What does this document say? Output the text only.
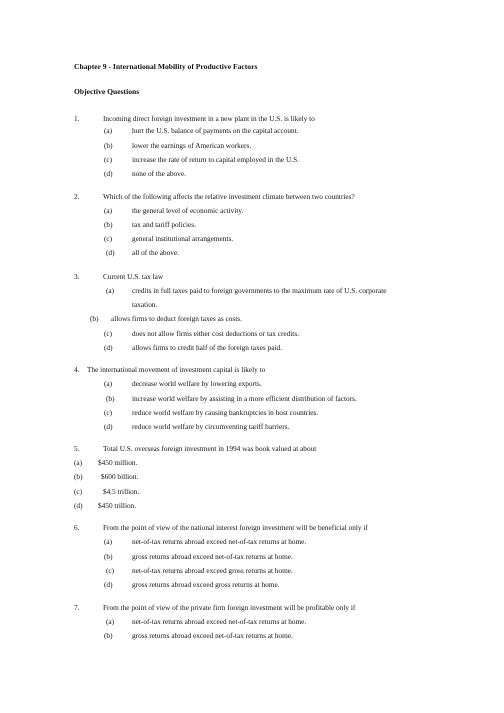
Chapter 9 - International Mobility of Productive Factors
Objective Questions
1.	Incoming direct foreign investment in a new plant in the U.S. is likely to
(a)	hurt the U.S. balance of payments on the capital account.
(b)	lower the earnings of American workers.
(c)	increase the rate of return to capital employed in the U.S.
(d)	none of the above.
2.	Which of the following affects the relative investment climate between two countries?
(a)	the general level of economic activity.
(b)	tax and tariff policies.
(c)	general institutional arrangements.
(d) all of the above.
3.	Current U.S. tax law
(a) credits in full taxes paid to foreign governments to the maximum rate of U.S. corporate
taxation.
(b) allows firms to deduct foreign taxes as costs.
(c)	does not allow firms either cost deductions or tax credits.
(d)	allows firms to credit half of the foreign taxes paid.
4. The international movement of investment capital is likely to
(a)	decrease world welfare by lowering exports.
(b) increase world welfare by assisting in a more efficient distribution of factors.
(c)	reduce world welfare by causing bankruptcies in host countries.
(d)	reduce world welfare by circumventing tariff barriers.
5.	Total U.S. overseas foreign investment in 1994 was book valued at about
(a) $450 million.
(b)	$600 billion.
(c)	$4.5 trillion.
(d) $450 trillion.
6.	From the point of view of the national interest foreign investment will be beneficial only if
(a)	net-of-tax returns abroad exceed net-of-tax returns at home.
(b)	gross returns abroad exceed net-of-tax returns at home.
(c) net-of-tax returns abroad exceed gross returns at home.
(d)	gross returns abroad exceed gross returns at home.
7.	From the point of view of the private firm foreign investment will be profitable only if
(a) net-of-tax returns abroad exceed net-of-tax returns at home.
(b)	gross returns abroad exceed net-of-tax returns at home.
